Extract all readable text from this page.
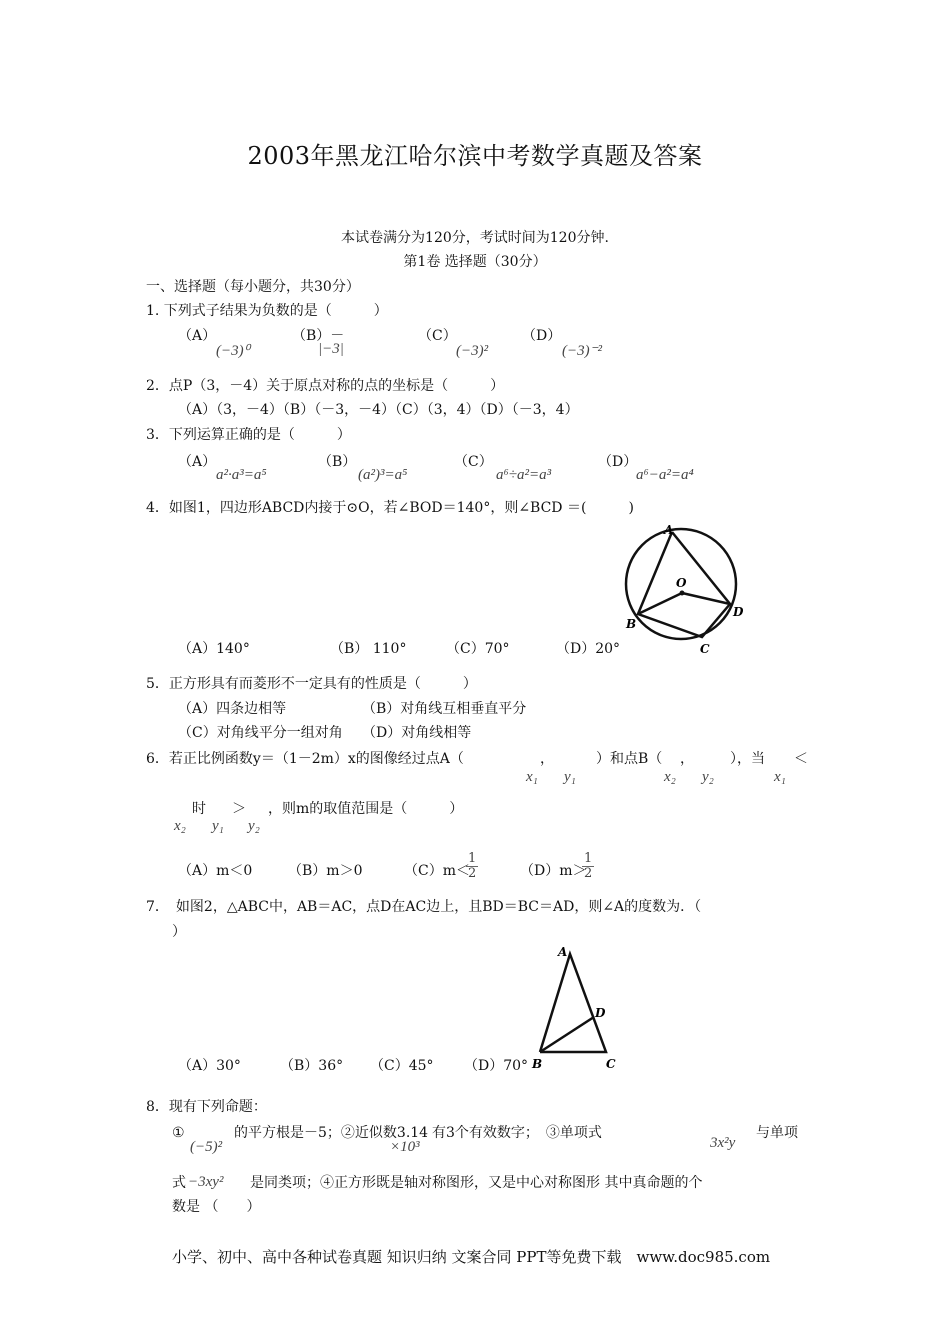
2003年黑龙江哈尔滨中考数学真题及答案
本试卷满分为120分，考试时间为120分钟.
第1卷 选择题（30分）
一、选择题（每小题分，共30分）
1. 下列式子结果为负数的是（　　　）
（A）
(−3)⁰
（B）－
|−3|
（C）
(−3)²
（D）
(−3)⁻²
2．点P（3，－4）关于原点对称的点的坐标是（　　　）
（A）（3，－4）（B）（－3，－4）（C）（3，4）（D）（－3，4）
3．下列运算正确的是（　　　）
（A）
a²·a³=a⁵
（B）
(a²)³=a⁵
（C）
a⁶÷a²=a³
（D）
a⁶−a²=a⁴
4．如图1，四边形ABCD内接于⊙O，若∠BOD＝140°，则∠BCD ＝(　　　)
A
O
B
D
C
（A）140°	（B） 110°	（C）70°	（D）20°
5．正方形具有而菱形不一定具有的性质是（　　　）
（A）四条边相等	（B）对角线互相垂直平分
（C）对角线平分一组对角 （D）对角线相等
6．若正比例函数y＝（1－2m）x的图像经过点A（	，	）和点B（ ，	），当 ＜
x₁ y₁	x₂ y₂	x₁
时 ＞ ，则m的取值范围是（　　　）
x₂ y₁ y₂
（A）m＜0	（B）m＞0	（C）m＜
$\frac{1}{2}$	（D）m＞
$\frac{1}{2}$
7．　如图2，△ABC中，AB＝AC，点D在AC边上，且BD＝BC＝AD，则∠A的度数为．（
）
A
D
B	C
（A）30°	（B）36° （C）45° （D）70°
8．现有下列命题：
①
(−5)²
的平方根是－5；②近似数3.14
×10³
有3个有效数字；　③单项式
3x²y
与单项
式 −3xy² 是同类项；④正方形既是轴对称图形，又是中心对称图形 其中真命题的个
数是 （　　）
小学、初中、高中各种试卷真题 知识归纳 文案合同 PPT等免费下载　www.doc985.com
